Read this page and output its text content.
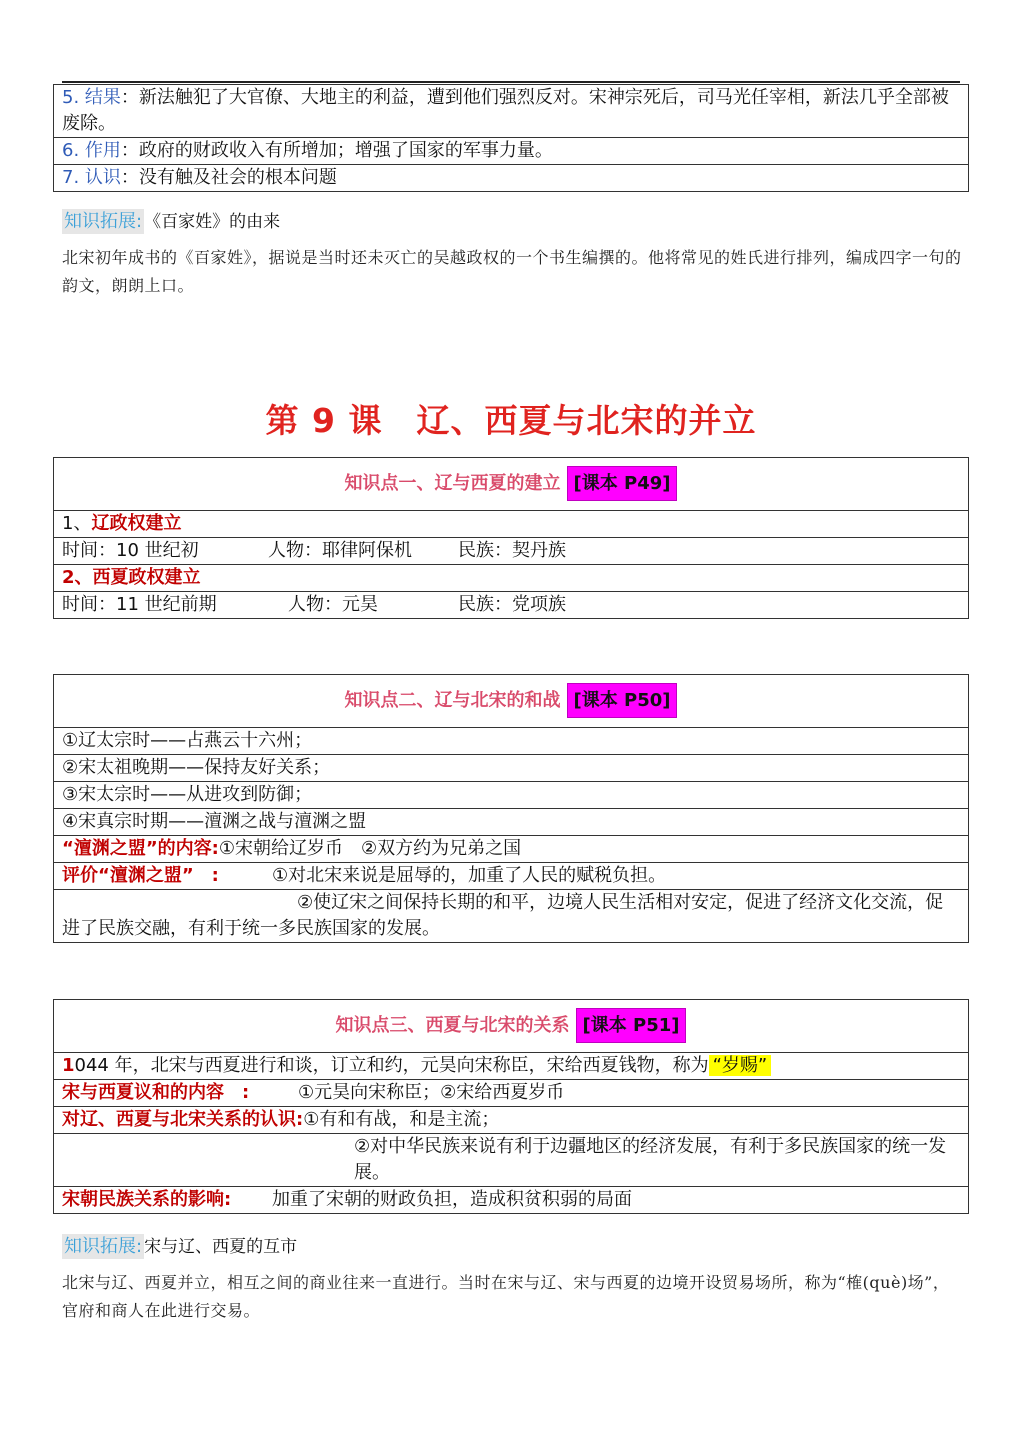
5. 结果：新法触犯了大官僚、大地主的利益，遭到他们强烈反对。宋神宗死后，司马光任宰相，新法几乎全部被废除。
6. 作用：政府的财政收入有所增加；增强了国家的军事力量。
7. 认识：没有触及社会的根本问题
知识拓展: 《百家姓》的由来
北宋初年成书的《百家姓》，据说是当时还未灭亡的吴越政权的一个书生编撰的。他将常见的姓氏进行排列，编成四字一句的韵文，朗朗上口。
第 9 课　辽、西夏与北宋的并立
知识点一、辽与西夏的建立 [课本 P49]
1、辽政权建立
时间：10 世纪初	人物：耶律阿保机	民族：契丹族
2、西夏政权建立
时间：11 世纪前期	人物：元昊	民族：党项族
知识点二、辽与北宋的和战 [课本 P50]
①辽太宗时——占燕云十六州；
②宋太祖晚期——保持友好关系；
③宋太宗时——从进攻到防御；
④宋真宗时期——澶渊之战与澶渊之盟
“澶渊之盟”的内容:①宋朝给辽岁币　②双方约为兄弟之国
评价“澶渊之盟”　:	①对北宋来说是屈辱的，加重了人民的赋税负担。
②使辽宋之间保持长期的和平，边境人民生活相对安定，促进了经济文化交流，促进了民族交融，有利于统一多民族国家的发展。
知识点三、西夏与北宋的关系 [课本 P51]
1044 年，北宋与西夏进行和谈，订立和约，元昊向宋称臣，宋给西夏钱物，称为 “岁赐”
宋与西夏议和的内容　:	①元昊向宋称臣；②宋给西夏岁币
对辽、西夏与北宋关系的认识:①有和有战，和是主流；
②对中华民族来说有利于边疆地区的经济发展，有利于多民族国家的统一发展。
宋朝民族关系的影响: 加重了宋朝的财政负担，造成积贫积弱的局面
知识拓展: 宋与辽、西夏的互市
北宋与辽、西夏并立，相互之间的商业往来一直进行。当时在宋与辽、宋与西夏的边境开设贸易场所，称为“榷(què)场”，官府和商人在此进行交易。
